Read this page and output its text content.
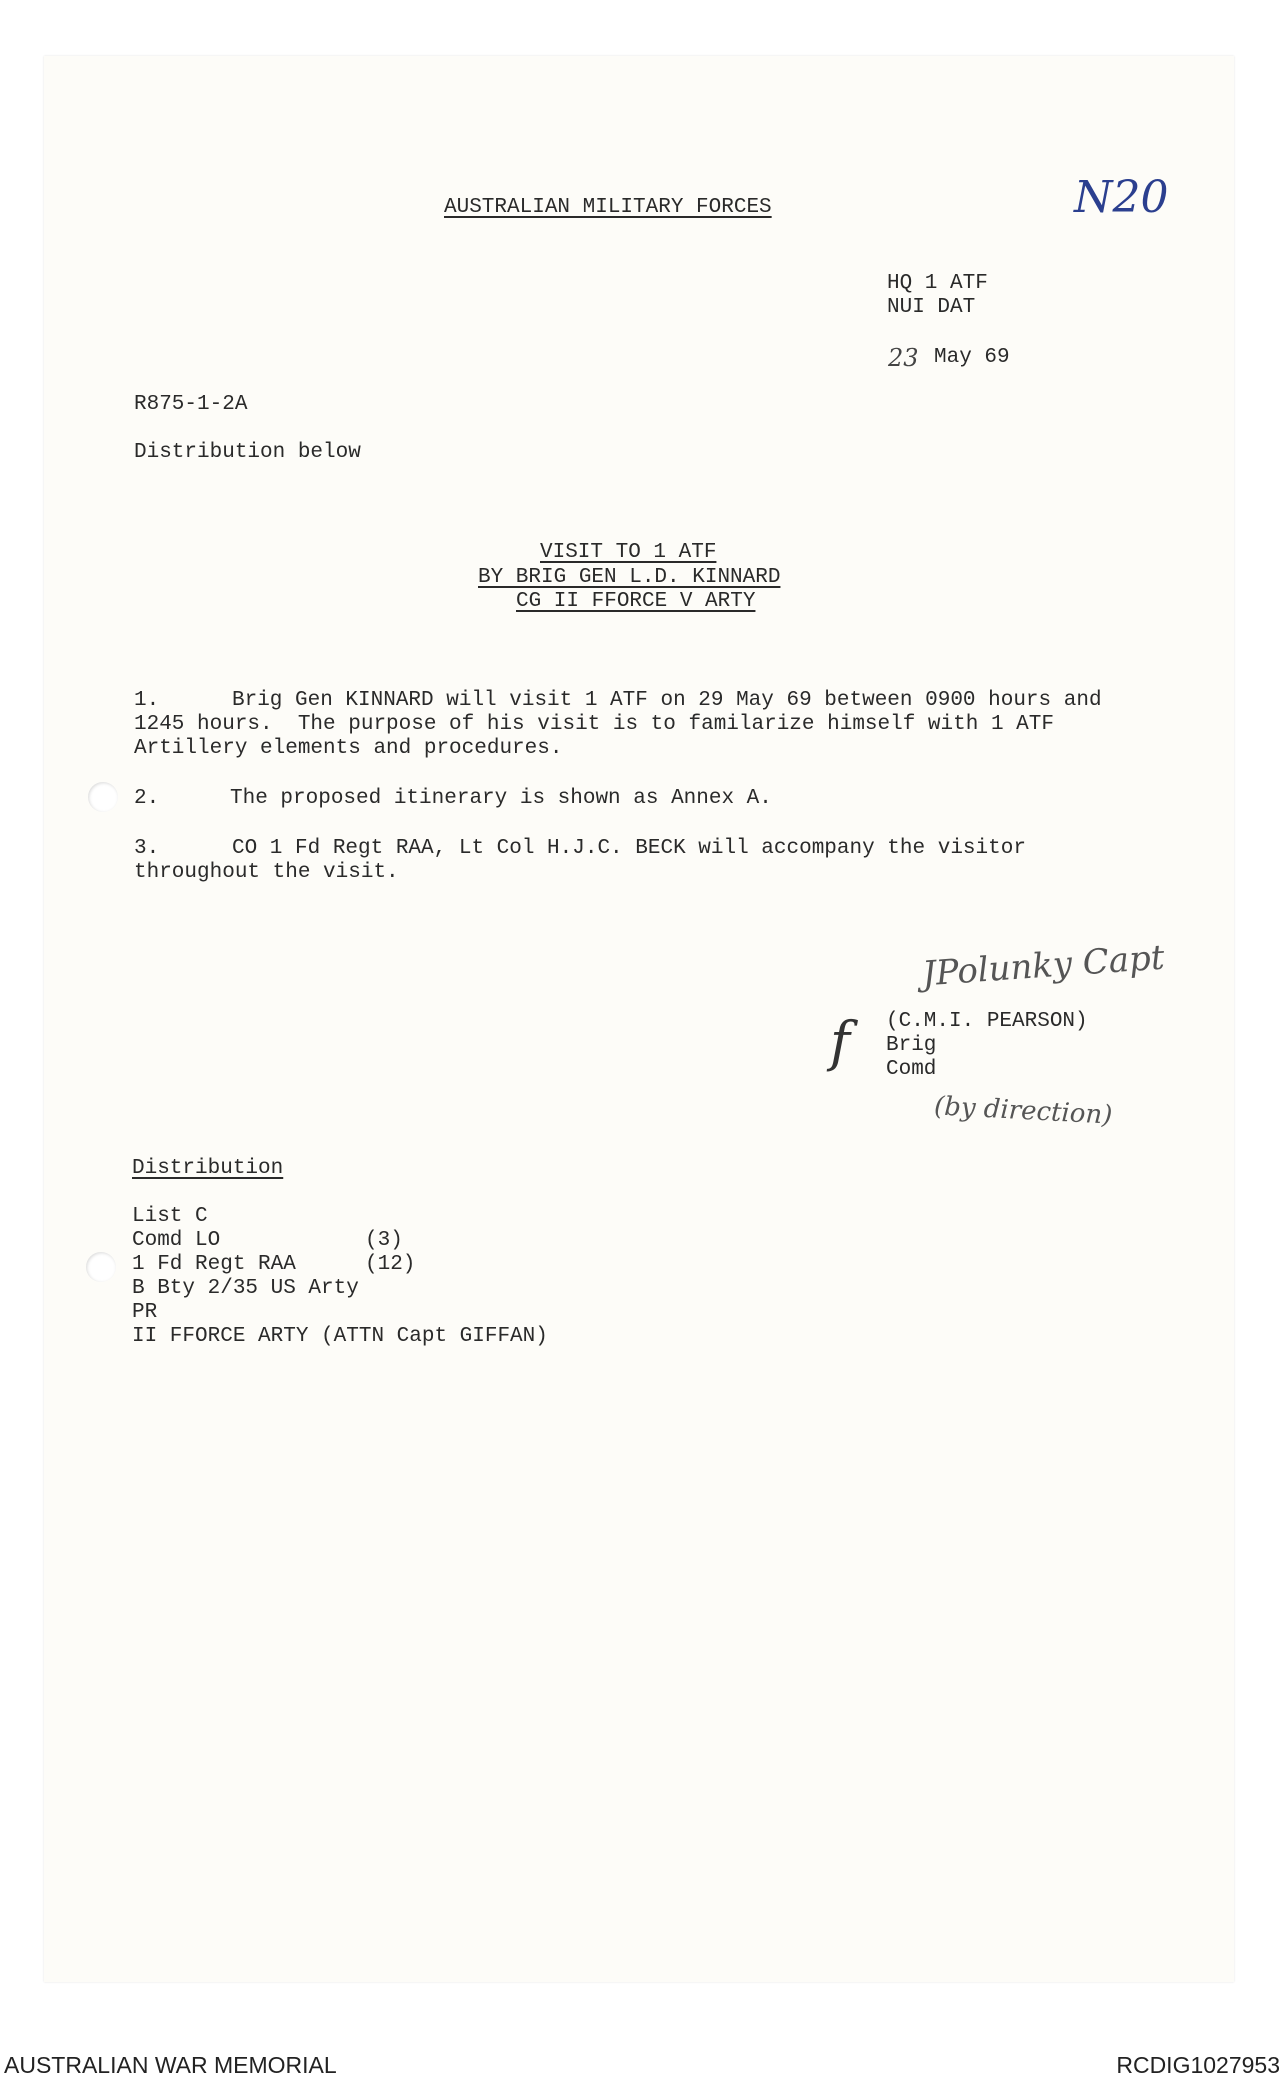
AUSTRALIAN MILITARY FORCES	N20
HQ 1 ATF
NUI DAT
23 May 69
R875-1-2A
Distribution below
VISIT TO 1 ATF
BY BRIG GEN L.D. KINNARD
CG II FFORCE V ARTY
1.	Brig Gen KINNARD will visit 1 ATF on 29 May 69 between 0900 hours and
1245 hours.  The purpose of his visit is to familarize himself with 1 ATF
Artillery elements and procedures.
2.	The proposed itinerary is shown as Annex A.
3.	CO 1 Fd Regt RAA, Lt Col H.J.C. BECK will accompany the visitor
throughout the visit.
JPolunky Capt
f (C.M.I. PEARSON)
Brig
Comd
(by direction)
Distribution
List C
Comd LO	(3)
1 Fd Regt RAA	(12)
B Bty 2/35 US Arty
PR
II FFORCE ARTY (ATTN Capt GIFFAN)
AUSTRALIAN WAR MEMORIAL	RCDIG1027953
